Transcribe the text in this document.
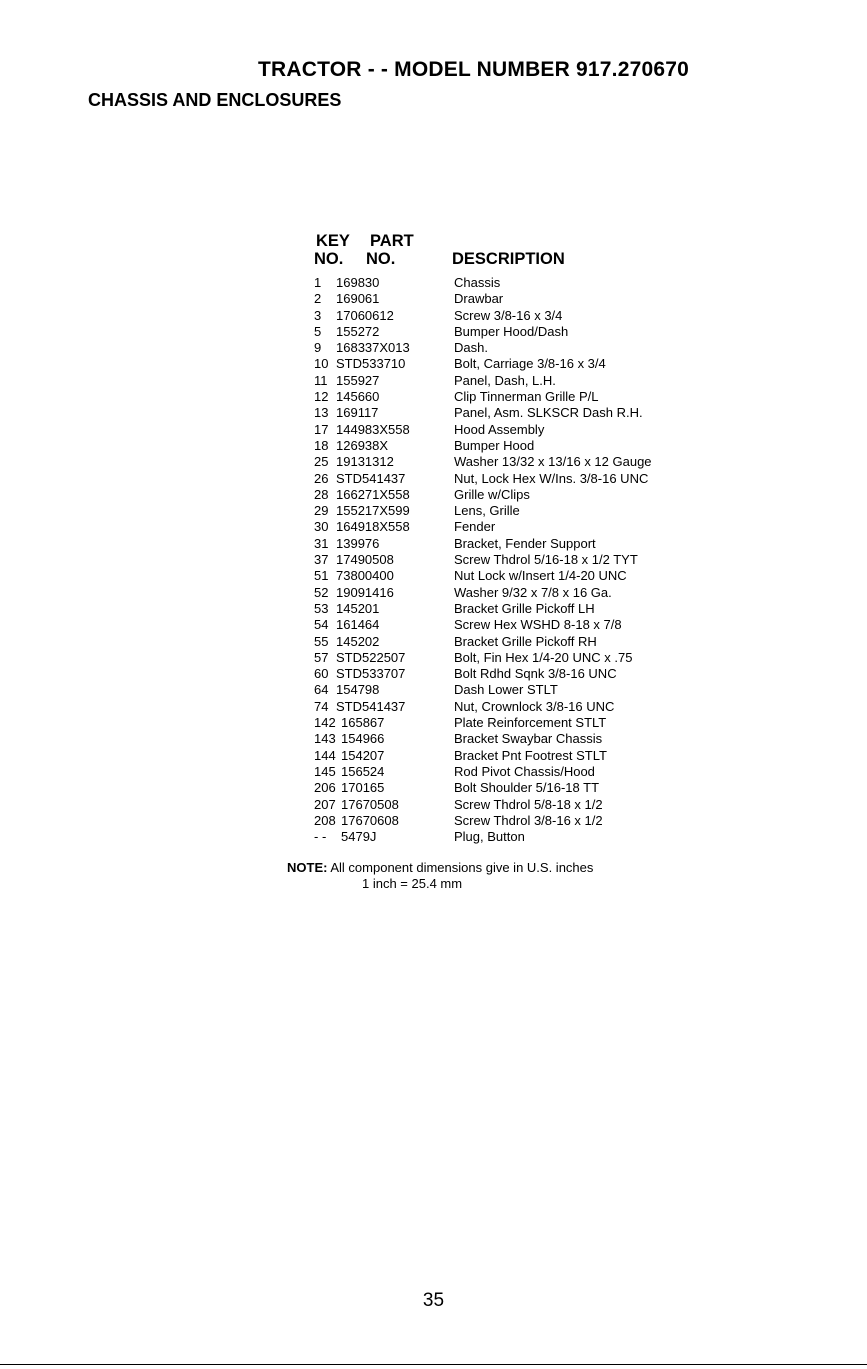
TRACTOR - - MODEL NUMBER 917.270670
CHASSIS AND ENCLOSURES
KEY
NO.
PART
NO.	DESCRIPTION
1 169830	Chassis
2 169061	Drawbar
3 17060612	Screw 3/8-16 x 3/4
5 155272	Bumper Hood/Dash
9 168337X013	Dash.
10 STD533710	Bolt, Carriage 3/8-16 x 3/4
11 155927	Panel, Dash, L.H.
12 145660	Clip Tinnerman Grille P/L
13 169117	Panel, Asm. SLKSCR Dash R.H.
17 144983X558	Hood Assembly
18 126938X	Bumper Hood
25 19131312	Washer 13/32 x 13/16 x 12 Gauge
26 STD541437	Nut, Lock Hex W/Ins. 3/8-16 UNC
28 166271X558	Grille w/Clips
29 155217X599	Lens, Grille
30 164918X558	Fender
31 139976	Bracket, Fender Support
37 17490508	Screw Thdrol 5/16-18 x 1/2 TYT
51 73800400	Nut Lock w/Insert 1/4-20 UNC
52 19091416	Washer 9/32 x 7/8 x 16 Ga.
53 145201	Bracket Grille Pickoff LH
54 161464	Screw Hex WSHD 8-18 x 7/8
55 145202	Bracket Grille Pickoff RH
57 STD522507	Bolt, Fin Hex 1/4-20 UNC x .75
60 STD533707	Bolt Rdhd Sqnk 3/8-16 UNC
64 154798	Dash Lower STLT
74 STD541437	Nut, Crownlock 3/8-16 UNC
142 165867	Plate Reinforcement STLT
143 154966	Bracket Swaybar Chassis
144 154207	Bracket Pnt Footrest STLT
145 156524	Rod Pivot Chassis/Hood
206 170165	Bolt Shoulder 5/16-18 TT
207 17670508	Screw Thdrol 5/8-18 x 1/2
208 17670608	Screw Thdrol 3/8-16 x 1/2
- - 5479J	Plug, Button
NOTE: All component dimensions give in U.S. inches
1 inch = 25.4 mm
35
